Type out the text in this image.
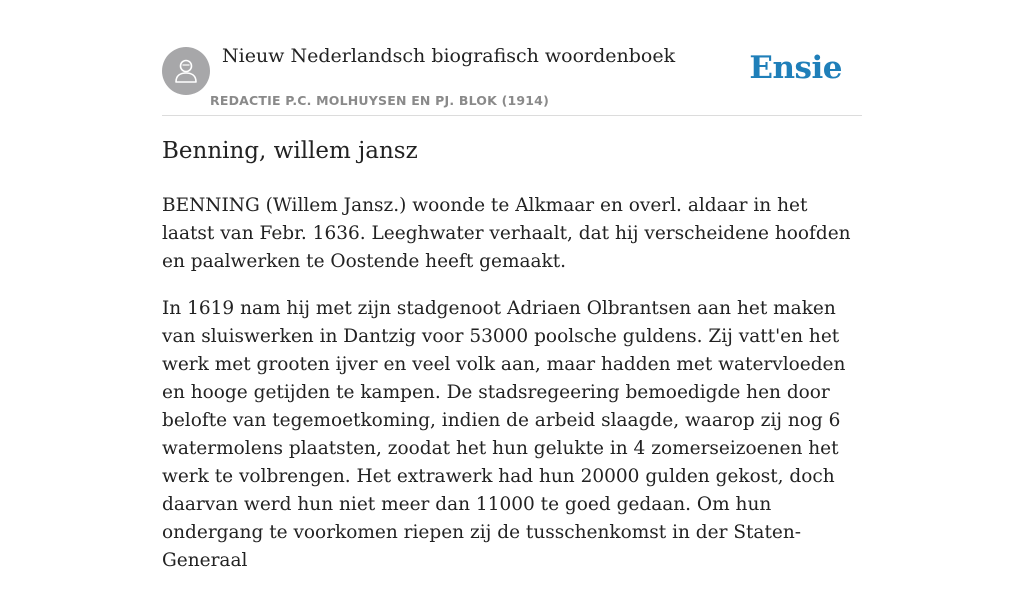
Nieuw Nederlandsch biografisch woordenboek
REDACTIE P.C. MOLHUYSEN EN PJ. BLOK (1914)
Ensie
Benning, willem jansz

BENNING (Willem Jansz.) woonde te Alkmaar en overl. aldaar in het laatst van Febr. 1636. Leeghwater verhaalt, dat hij verscheidene hoofden en paalwerken te Oostende heeft gemaakt.

In 1619 nam hij met zijn stadgenoot Adriaen Olbrantsen aan het maken van sluiswerken in Dantzig voor 53000 poolsche guldens. Zij vatt'en het werk met grooten ijver en veel volk aan, maar hadden met watervloeden en hooge getijden te kampen. De stadsregeering bemoedigde hen door belofte van tegemoetkoming, indien de arbeid slaagde, waarop zij nog 6 watermolens plaatsten, zoodat het hun gelukte in 4 zomerseizoenen het werk te volbrengen. Het extrawerk had hun 20000 gulden gekost, doch daarvan werd hun niet meer dan 11000 te goed gedaan. Om hun ondergang te voorkomen riepen zij de tusschenkomst in der Staten-Generaal
